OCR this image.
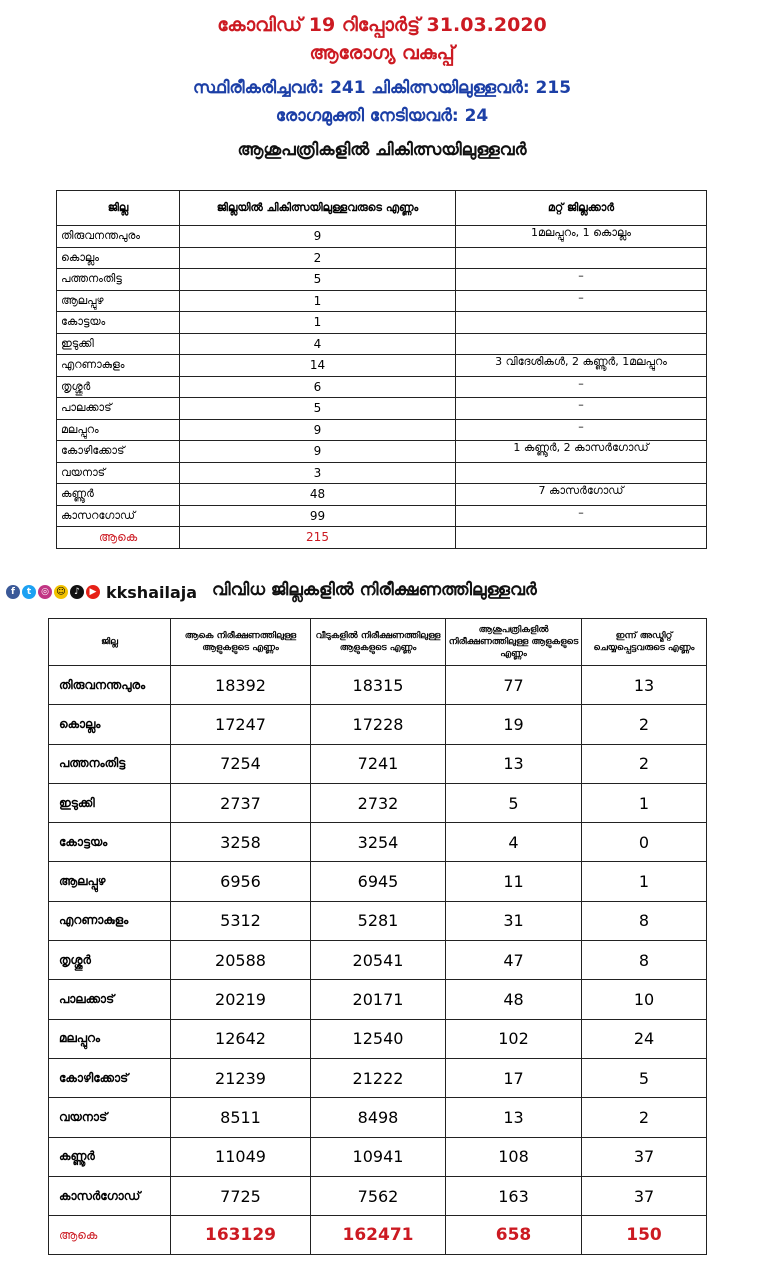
കോവിഡ് 19 റിപ്പോർട്ട് 31.03.2020
ആരോഗ്യ വകുപ്പ്
സ്ഥിരീകരിച്ചവർ: 241 ചികിത്സയിലുള്ളവർ: 215
രോഗമുക്തി നേടിയവർ: 24
ആശുപത്രികളിൽ ചികിത്സയിലുള്ളവർ
ജില്ല	ജില്ലയിൽ ചികിത്സയിലുള്ളവരുടെ എണ്ണം	മറ്റ് ജില്ലക്കാർ
തിരുവനന്തപുരം	9	1മലപ്പുറം, 1 കൊല്ലം
കൊല്ലം	2	
പത്തനംതിട്ട	5	–
ആലപ്പുഴ	1	–
കോട്ടയം	1	
ഇടുക്കി	4	
എറണാകുളം	14	3 വിദേശികൾ, 2 കണ്ണൂർ, 1മലപ്പുറം
തൃശ്ശൂർ	6	–
പാലക്കാട്	5	–
മലപ്പുറം	9	–
കോഴിക്കോട്	9	1 കണ്ണൂർ, 2 കാസർഗോഡ്
വയനാട്	3	
കണ്ണൂർ	48	7 കാസർഗോഡ്
കാസറഗോഡ്	99	–
ആകെ	215	
f	t	◎ ☺ ♪	▶ kkshailaja വിവിധ ജില്ലകളിൽ നിരീക്ഷണത്തിലുള്ളവർ
ജില്ല	ആകെ നിരീക്ഷണത്തിലുള്ള ആളുകളുടെ എണ്ണം	വീടുകളിൽ നിരീക്ഷണത്തിലുള്ള ആളുകളുടെ എണ്ണം	ആശുപത്രികളിൽ നിരീക്ഷണത്തിലുള്ള ആളുകളുടെ എണ്ണം	ഇന്ന് അഡ്മിറ്റ് ചെയ്യപ്പെട്ടവരുടെ എണ്ണം
തിരുവനന്തപുരം	18392	18315	77	13
കൊല്ലം	17247	17228	19	2
പത്തനംതിട്ട	7254	7241	13	2
ഇടുക്കി	2737	2732	5	1
കോട്ടയം	3258	3254	4	0
ആലപ്പുഴ	6956	6945	11	1
എറണാകുളം	5312	5281	31	8
തൃശ്ശൂർ	20588	20541	47	8
പാലക്കാട്	20219	20171	48	10
മലപ്പുറം	12642	12540	102	24
കോഴിക്കോട്	21239	21222	17	5
വയനാട്	8511	8498	13	2
കണ്ണൂർ	11049	10941	108	37
കാസർഗോഡ്	7725	7562	163	37
ആകെ	163129	162471	658	150
